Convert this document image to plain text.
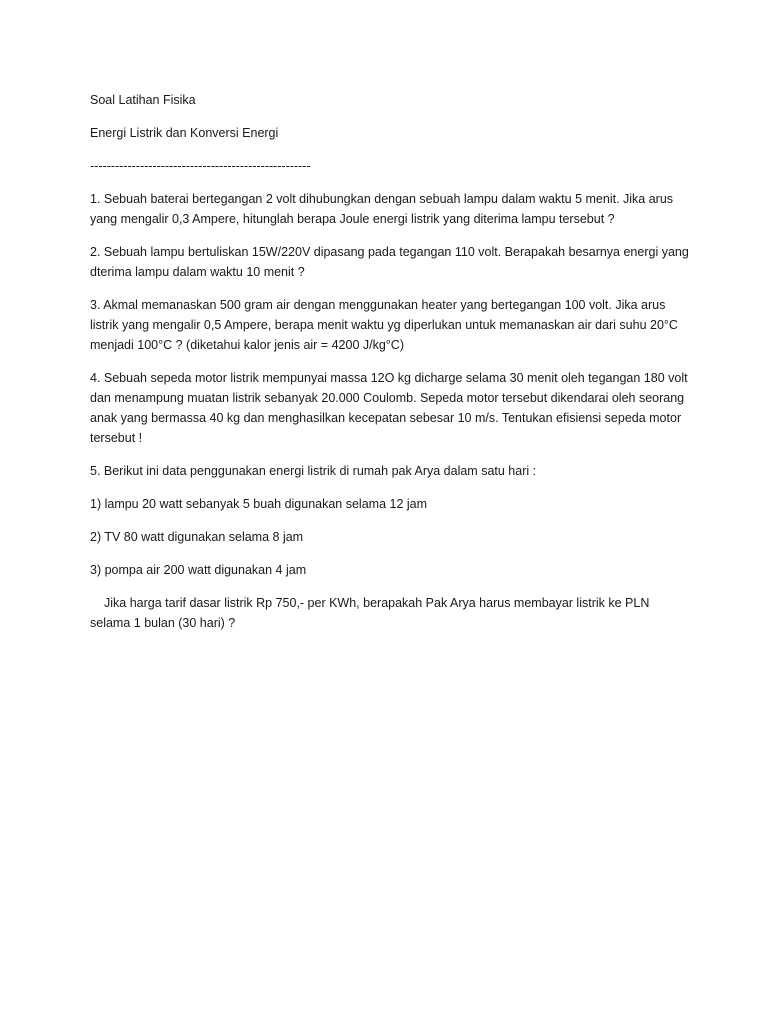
Soal Latihan Fisika

Energi Listrik dan Konversi Energi

-----------------------------------------------------

1. Sebuah baterai bertegangan 2 volt dihubungkan dengan sebuah lampu dalam waktu 5 menit. Jika arus yang mengalir 0,3 Ampere, hitunglah berapa Joule energi listrik yang diterima lampu tersebut ?

2. Sebuah lampu bertuliskan 15W/220V dipasang pada tegangan 110 volt. Berapakah besarnya energi yang dterima lampu dalam waktu 10 menit ?

3. Akmal memanaskan 500 gram air dengan menggunakan heater yang bertegangan 100 volt. Jika arus listrik yang mengalir 0,5 Ampere, berapa menit waktu yg diperlukan untuk memanaskan air dari suhu 20°C menjadi 100°C ? (diketahui kalor jenis air = 4200 J/kg°C)

4. Sebuah sepeda motor listrik mempunyai massa 12O kg dicharge selama 30 menit oleh tegangan 180 volt dan menampung muatan listrik sebanyak 20.000 Coulomb. Sepeda motor tersebut dikendarai oleh seorang anak yang bermassa 40 kg dan menghasilkan kecepatan sebesar 10 m/s. Tentukan efisiensi sepeda motor tersebut !

5. Berikut ini data penggunakan energi listrik di rumah pak Arya dalam satu hari :

1) lampu 20 watt sebanyak 5 buah digunakan selama 12 jam

2) TV 80 watt digunakan selama 8 jam

3) pompa air 200 watt digunakan 4 jam

Jika harga tarif dasar listrik Rp 750,- per KWh, berapakah Pak Arya harus membayar listrik ke PLN selama 1 bulan (30 hari) ?
